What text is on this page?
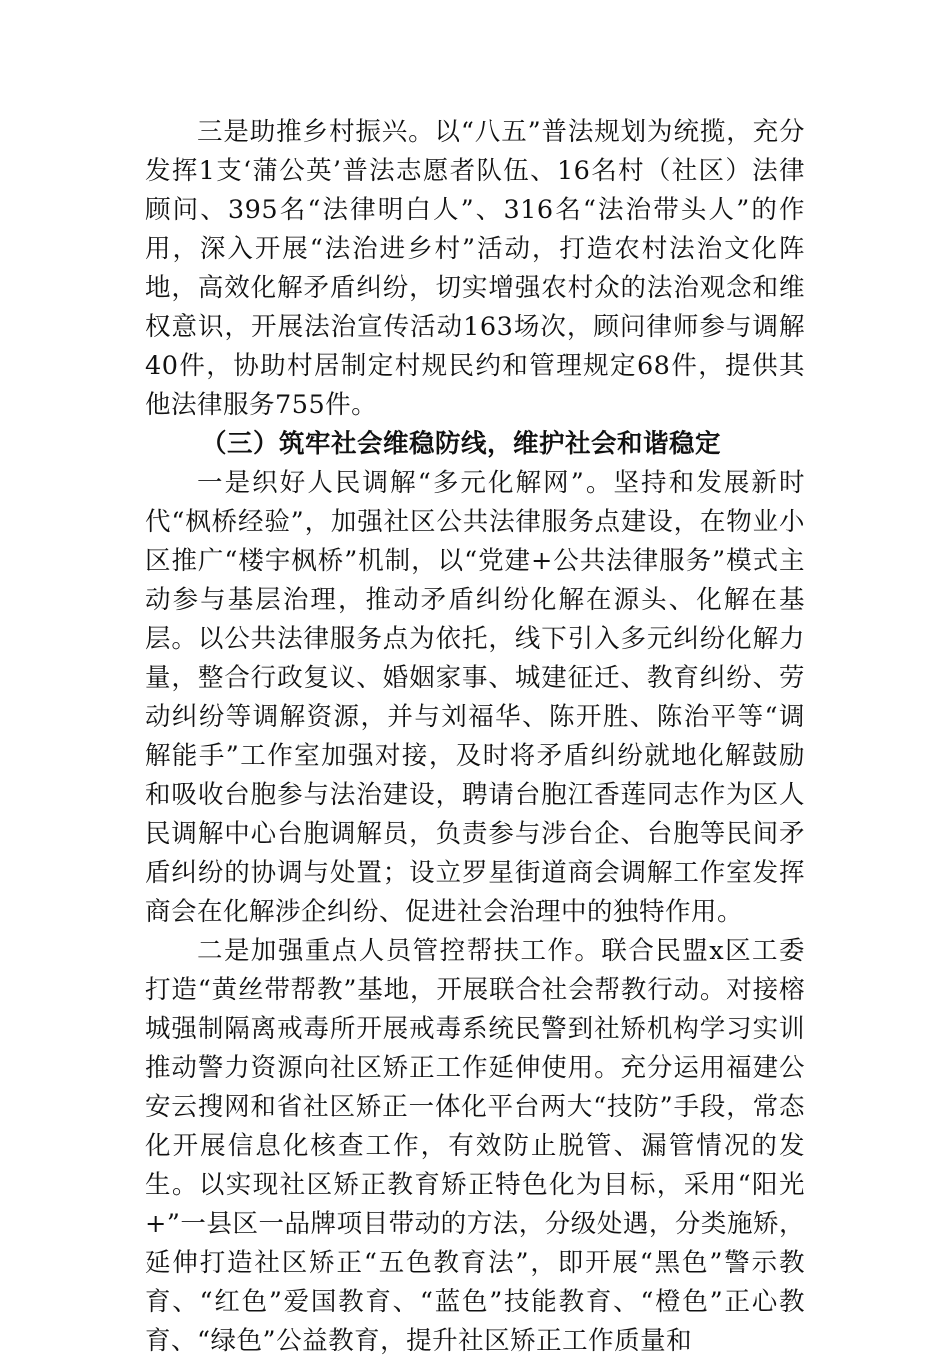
三是助推乡村振兴。以“八五”普法规划为统揽，充分发挥1支‘蒲公英’普法志愿者队伍、16名村（社区）法律顾问、395名“法律明白人”、316名“法治带头人”的作用，深入开展“法治进乡村”活动，打造农村法治文化阵地，高效化解矛盾纠纷，切实增强农村众的法治观念和维权意识，开展法治宣传活动163场次，顾问律师参与调解40件，协助村居制定村规民约和管理规定68件，提供其他法律服务755件。

（三）筑牢社会维稳防线，维护社会和谐稳定

一是织好人民调解“多元化解网”。坚持和发展新时代“枫桥经验”，加强社区公共法律服务点建设，在物业小区推广“楼宇枫桥”机制，以“党建+公共法律服务”模式主动参与基层治理，推动矛盾纠纷化解在源头、化解在基层。以公共法律服务点为依托，线下引入多元纠纷化解力量，整合行政复议、婚姻家事、城建征迁、教育纠纷、劳动纠纷等调解资源，并与刘福华、陈开胜、陈治平等“调解能手”工作室加强对接，及时将矛盾纠纷就地化解鼓励和吸收台胞参与法治建设，聘请台胞江香莲同志作为区人民调解中心台胞调解员，负责参与涉台企、台胞等民间矛盾纠纷的协调与处置；设立罗星街道商会调解工作室发挥商会在化解涉企纠纷、促进社会治理中的独特作用。

二是加强重点人员管控帮扶工作。联合民盟x区工委打造“黄丝带帮教”基地，开展联合社会帮教行动。对接榕城强制隔离戒毒所开展戒毒系统民警到社矫机构学习实训推动警力资源向社区矫正工作延伸使用。充分运用福建公安云搜网和省社区矫正一体化平台两大“技防”手段，常态化开展信息化核查工作，有效防止脱管、漏管情况的发生。以实现社区矫正教育矫正特色化为目标，采用“阳光+”一县区一品牌项目带动的方法，分级处遇，分类施矫，延伸打造社区矫正“五色教育法”，即开展“黑色”警示教育、“红色”爱国教育、“蓝色”技能教育、“橙色”正心教育、“绿色”公益教育，提升社区矫正工作质量和
